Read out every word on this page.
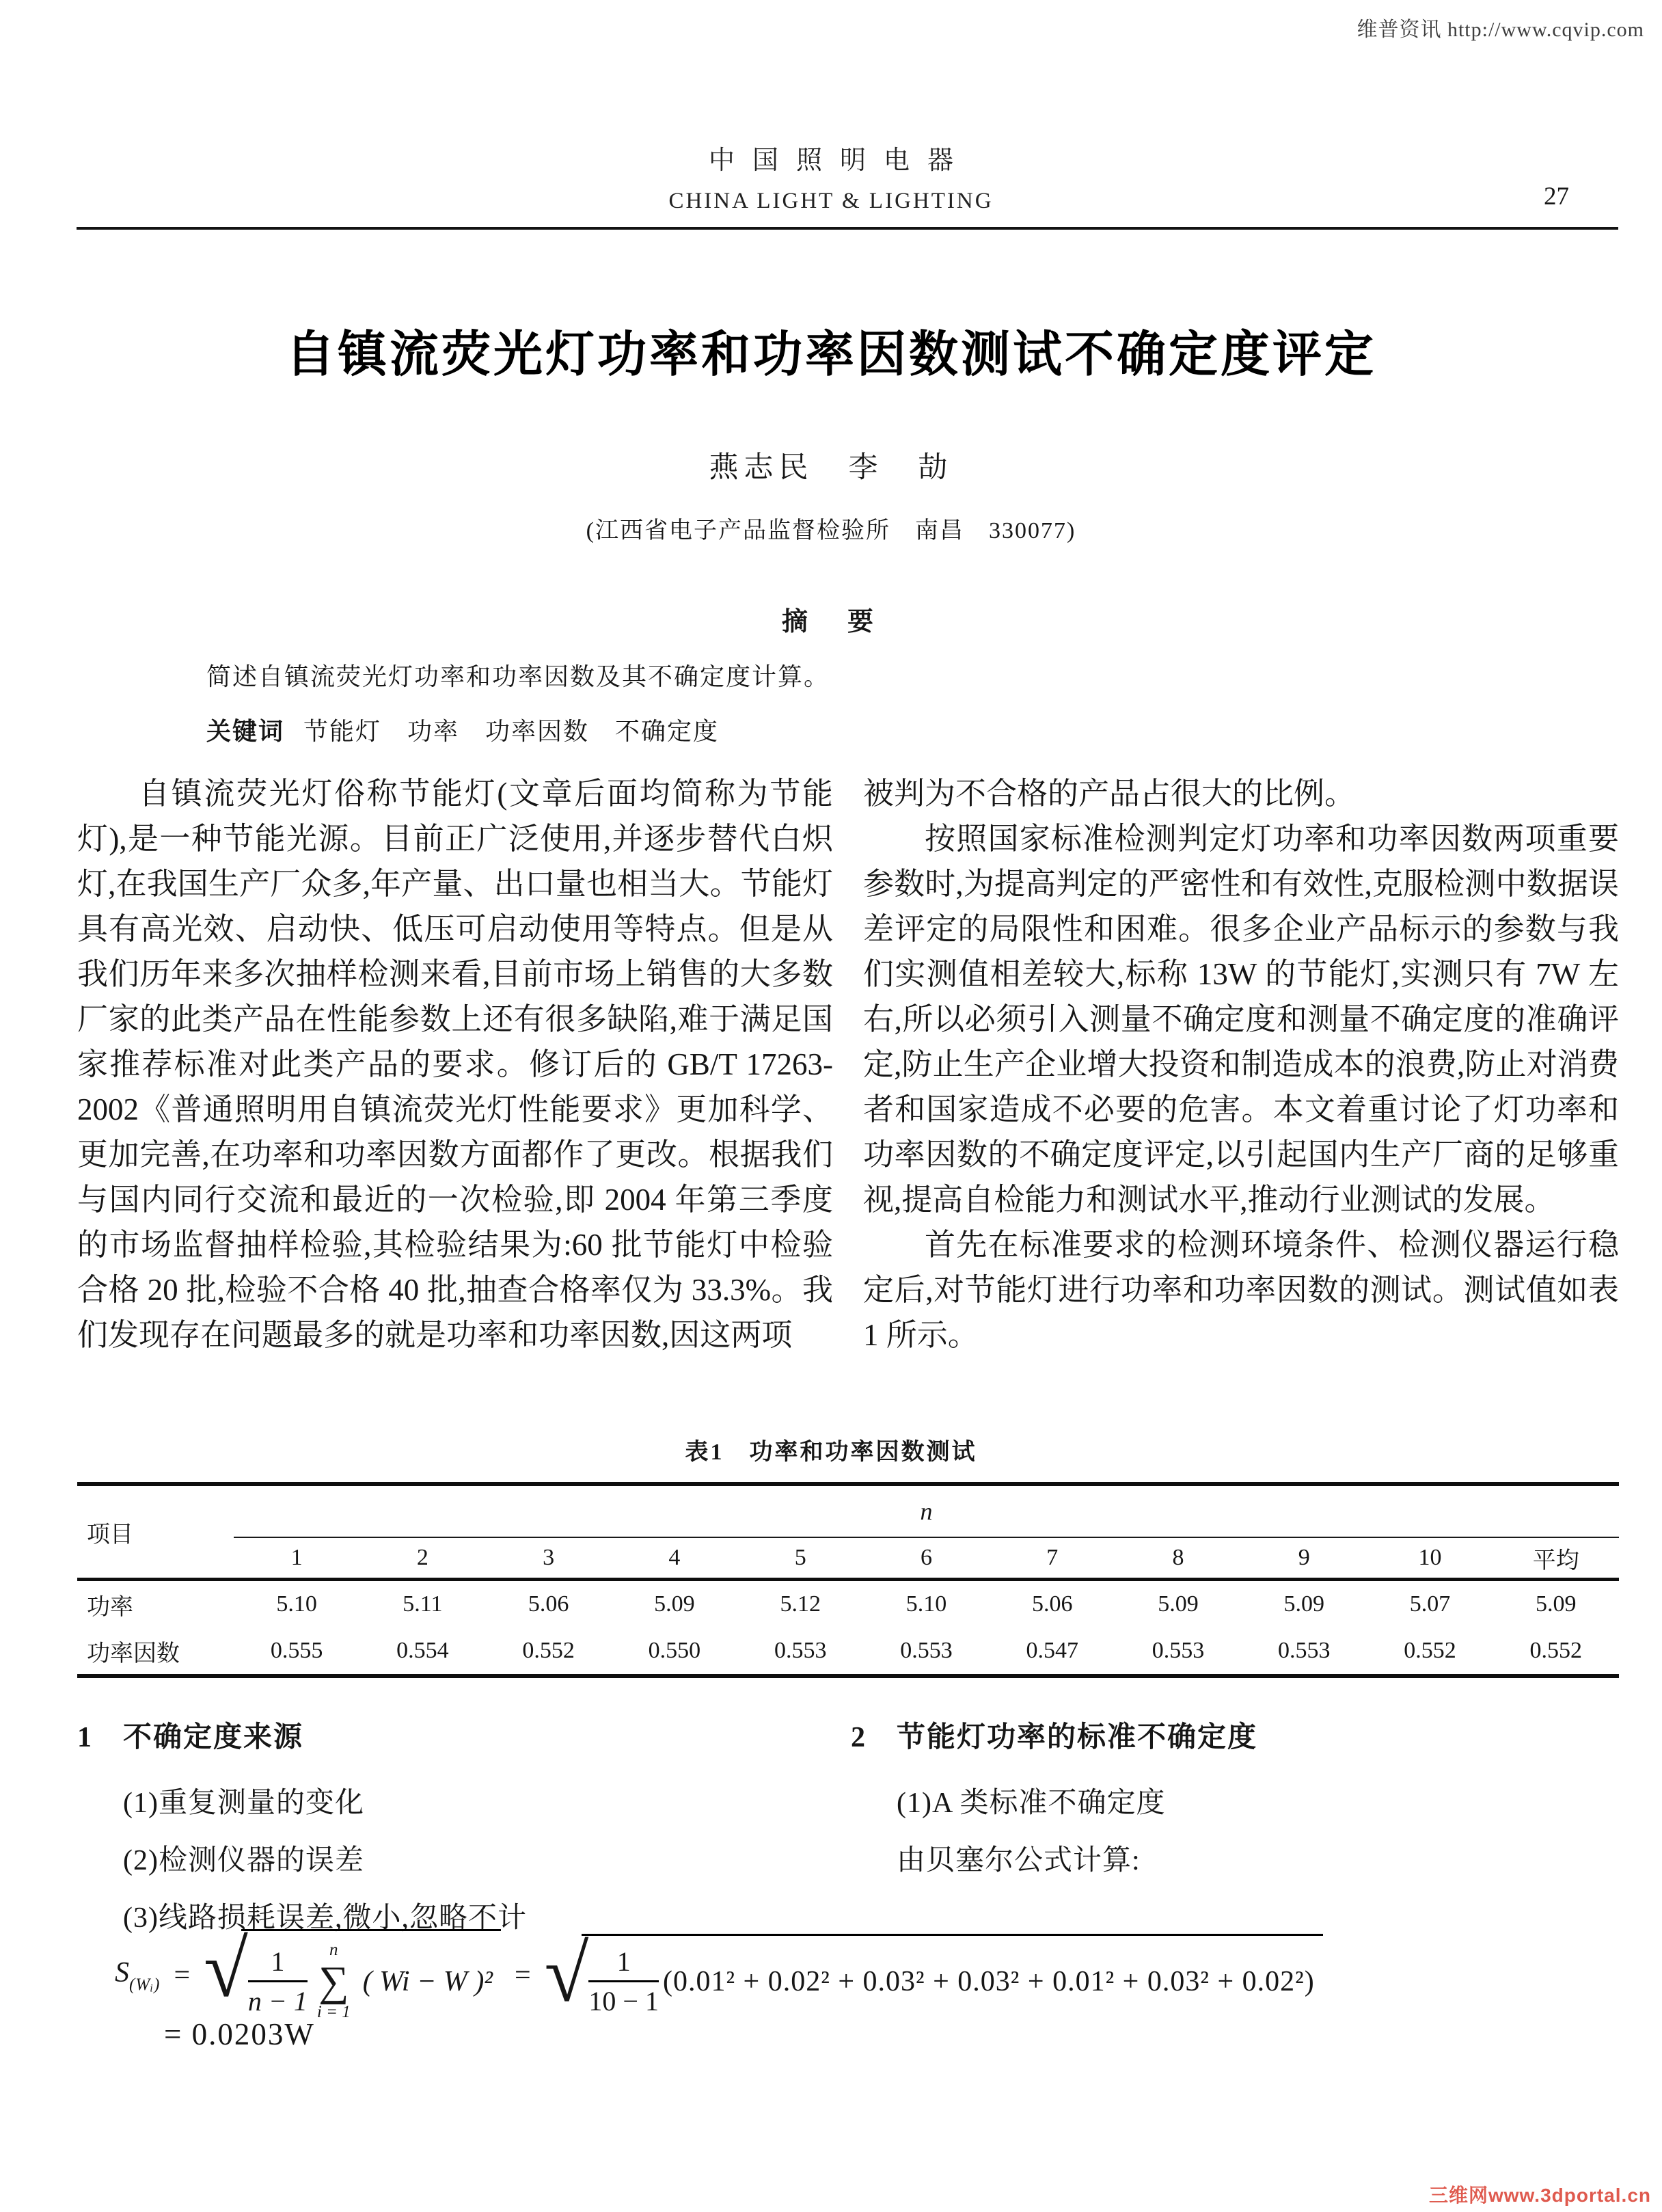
维普资讯 http://www.cqvip.com
三维网www.3dportal.cn
中国照明电器
CHINA LIGHT & LIGHTING	27
自镇流荧光灯功率和功率因数测试不确定度评定
燕志民　李　劼
(江西省电子产品监督检验所　南昌　330077)
摘　要
简述自镇流荧光灯功率和功率因数及其不确定度计算。
关键词 节能灯　功率　功率因数　不确定度

自镇流荧光灯俗称节能灯(文章后面均简称为节能灯),是一种节能光源。目前正广泛使用,并逐步替代白炽灯,在我国生产厂众多,年产量、出口量也相当大。节能灯具有高光效、启动快、低压可启动使用等特点。但是从我们历年来多次抽样检测来看,目前市场上销售的大多数厂家的此类产品在性能参数上还有很多缺陷,难于满足国家推荐标准对此类产品的要求。修订后的 GB/T 17263-2002《普通照明用自镇流荧光灯性能要求》更加科学、更加完善,在功率和功率因数方面都作了更改。根据我们与国内同行交流和最近的一次检验,即 2004 年第三季度的市场监督抽样检验,其检验结果为:60 批节能灯中检验合格 20 批,检验不合格 40 批,抽查合格率仅为 33.3%。我们发现存在问题最多的就是功率和功率因数,因这两项

被判为不合格的产品占很大的比例。

按照国家标准检测判定灯功率和功率因数两项重要参数时,为提高判定的严密性和有效性,克服检测中数据误差评定的局限性和困难。很多企业产品标示的参数与我们实测值相差较大,标称 13W 的节能灯,实测只有 7W 左右,所以必须引入测量不确定度和测量不确定度的准确评定,防止生产企业增大投资和制造成本的浪费,防止对消费者和国家造成不必要的危害。本文着重讨论了灯功率和功率因数的不确定度评定,以引起国内生产厂商的足够重视,提高自检能力和测试水平,推动行业测试的发展。

首先在标准要求的检测环境条件、检测仪器运行稳定后,对节能灯进行功率和功率因数的测试。测试值如表 1 所示。

表1　功率和功率因数测试
项目
n
1	2	3	4	5	6	7	8	9	10	平均
功率	5.10	5.11	5.06	5.09	5.12	5.10	5.06	5.09	5.09	5.07	5.09
功率因数	0.555	0.554	0.552	0.550	0.553	0.553	0.547	0.553	0.553	0.552	0.552
1　不确定度来源	2　节能灯功率的标准不确定度
(1)重复测量的变化
(2)检测仪器的误差
(3)线路损耗误差,微小,忽略不计
(1)A 类标准不确定度
由贝塞尔公式计算:
$S_{(Wᵢ)}$ = √ $\frac{1}{n - 1}$ n
∑
i = 1
( Wi − W )² = √ $\frac{1}{10 - 1} (0.01^2 + 0.02^2 + 0.03^2 + 0.03^2 + 0.01^2 + 0.03^2 + 0.02^2)$
= 0.0203W
